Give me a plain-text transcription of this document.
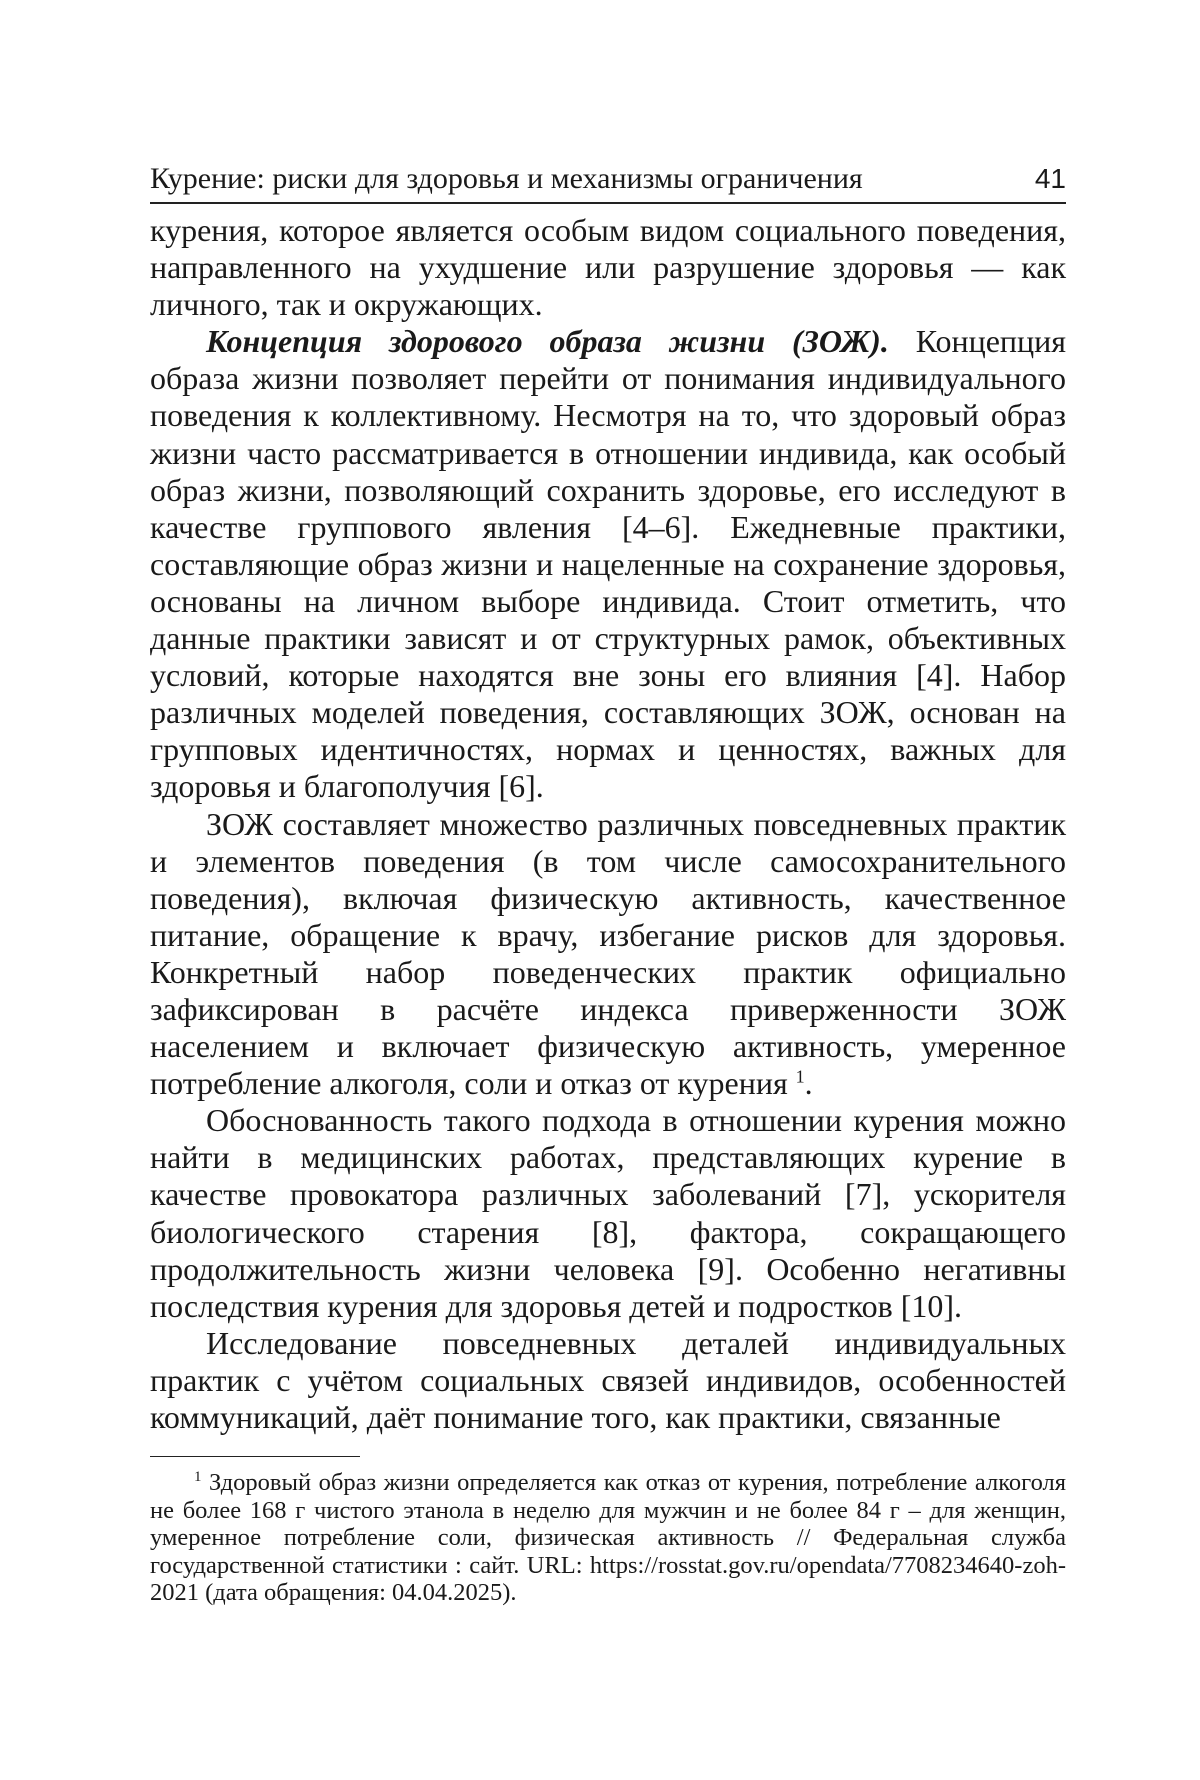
Курение: риски для здоровья и механизмы ограничения	41

курения, которое является особым видом социального поведения, направленного на ухудшение или разрушение здоровья — как личного, так и окружающих.

Концепция здорового образа жизни (ЗОЖ). Концепция образа жизни позволяет перейти от понимания индивидуального поведения к коллективному. Несмотря на то, что здоровый образ жизни часто рассматривается в отношении индивида, как особый образ жизни, позволяющий сохранить здоровье, его исследуют в качестве группового явления [4–6]. Ежедневные практики, составляющие образ жизни и нацеленные на сохранение здоровья, основаны на личном выборе индивида. Стоит отметить, что данные практики зависят и от структурных рамок, объективных условий, которые находятся вне зоны его влияния [4]. Набор различных моделей поведения, составляющих ЗОЖ, основан на групповых идентичностях, нормах и ценностях, важных для здоровья и благополучия [6].

ЗОЖ составляет множество различных повседневных практик и элементов поведения (в том числе самосохранительного поведения), включая физическую активность, качественное питание, обращение к врачу, избегание рисков для здоровья. Конкретный набор поведенческих практик официально зафиксирован в расчёте индекса приверженности ЗОЖ населением и включает физическую активность, умеренное потребление алкоголя, соли и отказ от курения $^1$.

Обоснованность такого подхода в отношении курения можно найти в медицинских работах, представляющих курение в качестве провокатора различных заболеваний [7], ускорителя биологического старения [8], фактора, сокращающего продолжительность жизни человека [9]. Особенно негативны последствия курения для здоровья детей и подростков [10].

Исследование повседневных деталей индивидуальных практик с учётом социальных связей индивидов, особенностей коммуникаций, даёт понимание того, как практики, связанные

$^1$ Здоровый образ жизни определяется как отказ от курения, потребление алкоголя не более 168 г чистого этанола в неделю для мужчин и не более 84 г – для женщин, умеренное потребление соли, физическая активность // Федеральная служба государственной статистики : сайт. URL: https://rosstat.gov.ru/opendata/7708234640-zoh-2021 (дата обращения: 04.04.2025).
